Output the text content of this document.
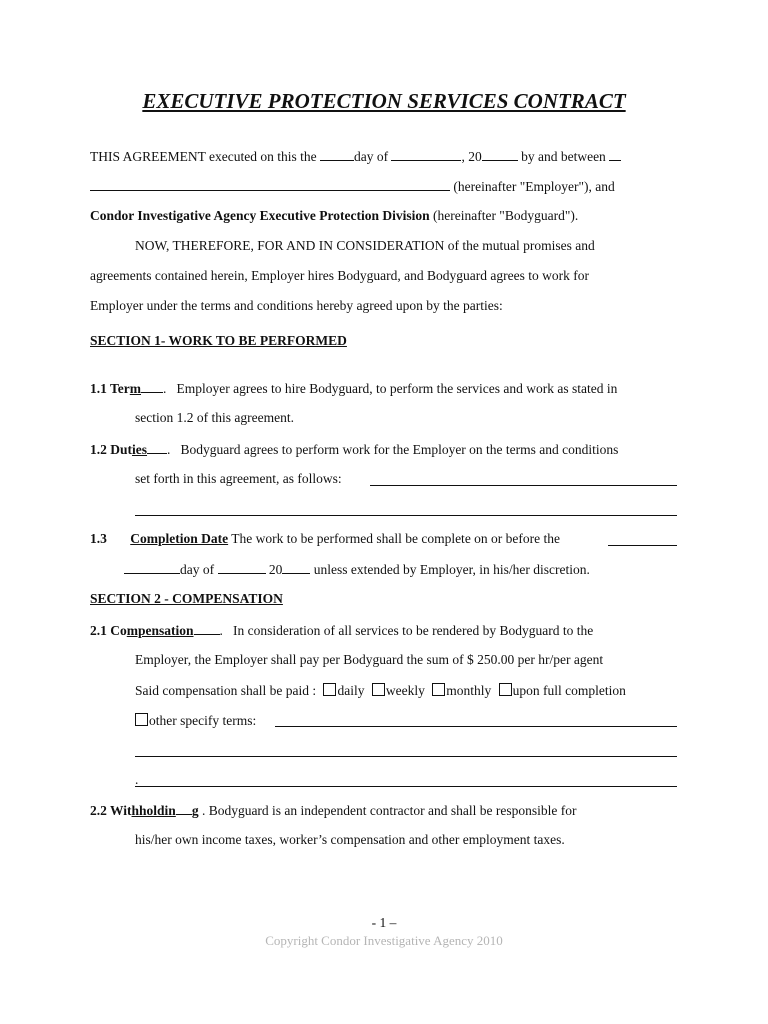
EXECUTIVE PROTECTION SERVICES CONTRACT
THIS AGREEMENT executed on this the	day of	, 20	by and between
(hereinafter "Employer"), and
Condor Investigative Agency Executive Protection Division (hereinafter "Bodyguard").
NOW, THEREFORE, FOR AND IN CONSIDERATION of the mutual promises and
agreements contained herein, Employer hires Bodyguard, and Bodyguard agrees to work for
Employer under the terms and conditions hereby agreed upon by the parties:
SECTION 1- WORK TO BE PERFORMED
1.1 Term .   Employer agrees to hire Bodyguard, to perform the services and work as stated in
section 1.2 of this agreement.
1.2 Duties .   Bodyguard agrees to perform work for the Employer on the terms and conditions
set forth in this agreement, as follows:
1.3 Completion Date The work to be performed shall be complete on or before the
day of	20 unless extended by Employer, in his/her discretion.
SECTION 2 - COMPENSATION
2.1 Compensation .   In consideration of all services to be rendered by Bodyguard to the
Employer, the Employer shall pay per Bodyguard the sum of $ 250.00 per hr/per agent
Said compensation shall be paid : daily weekly monthly upon full completion
other specify terms:
.
2.2 Withholdin g . Bodyguard is an independent contractor and shall be responsible for
his/her own income taxes, worker’s compensation and other employment taxes.
- 1 –
Copyright Condor Investigative Agency 2010
